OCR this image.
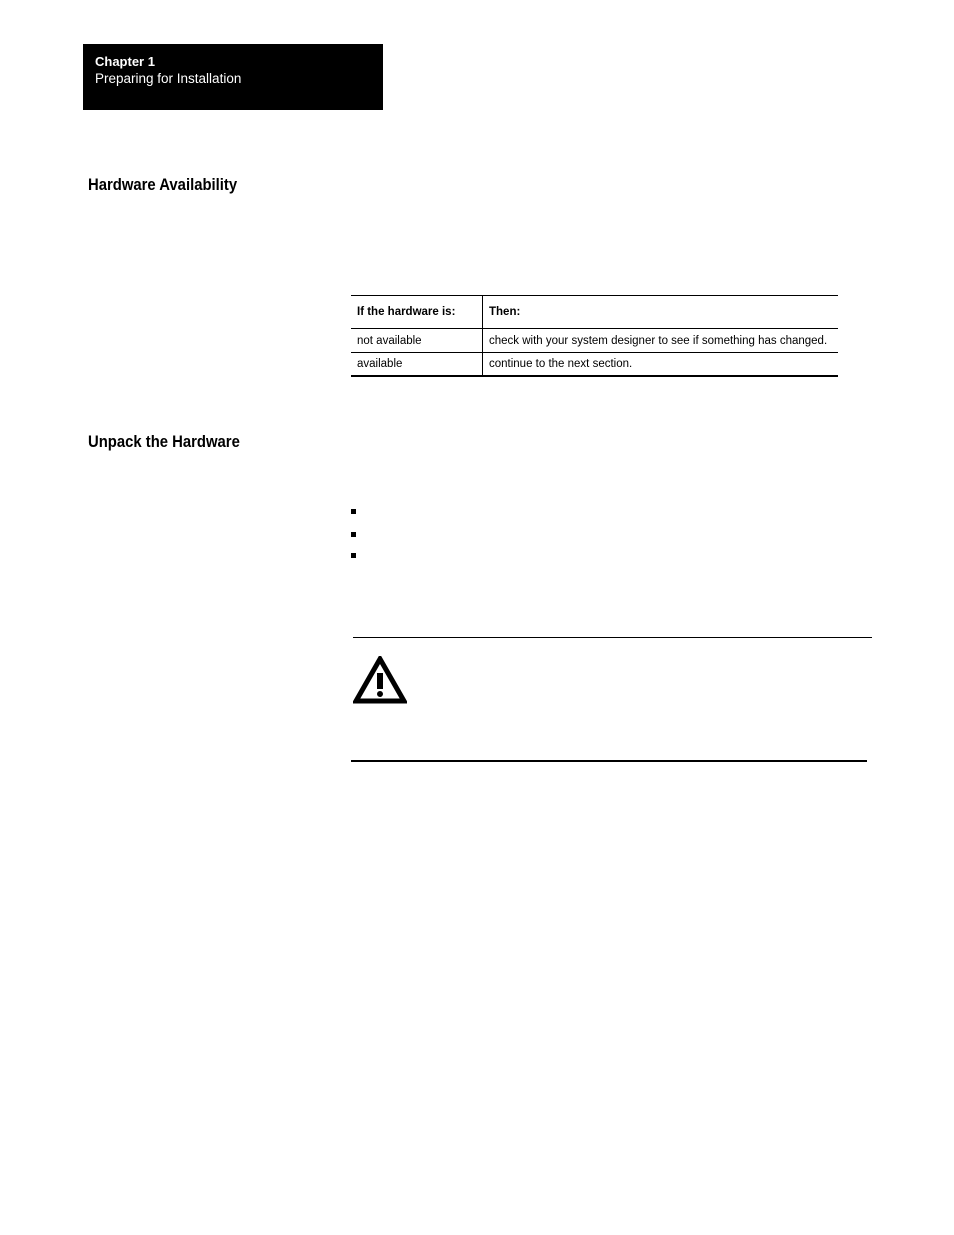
Chapter 1
Preparing for Installation
Hardware Availability
If the hardware is:	Then:
not available	check with your system designer to see if something has changed.
available	continue to the next section.
Unpack the Hardware
